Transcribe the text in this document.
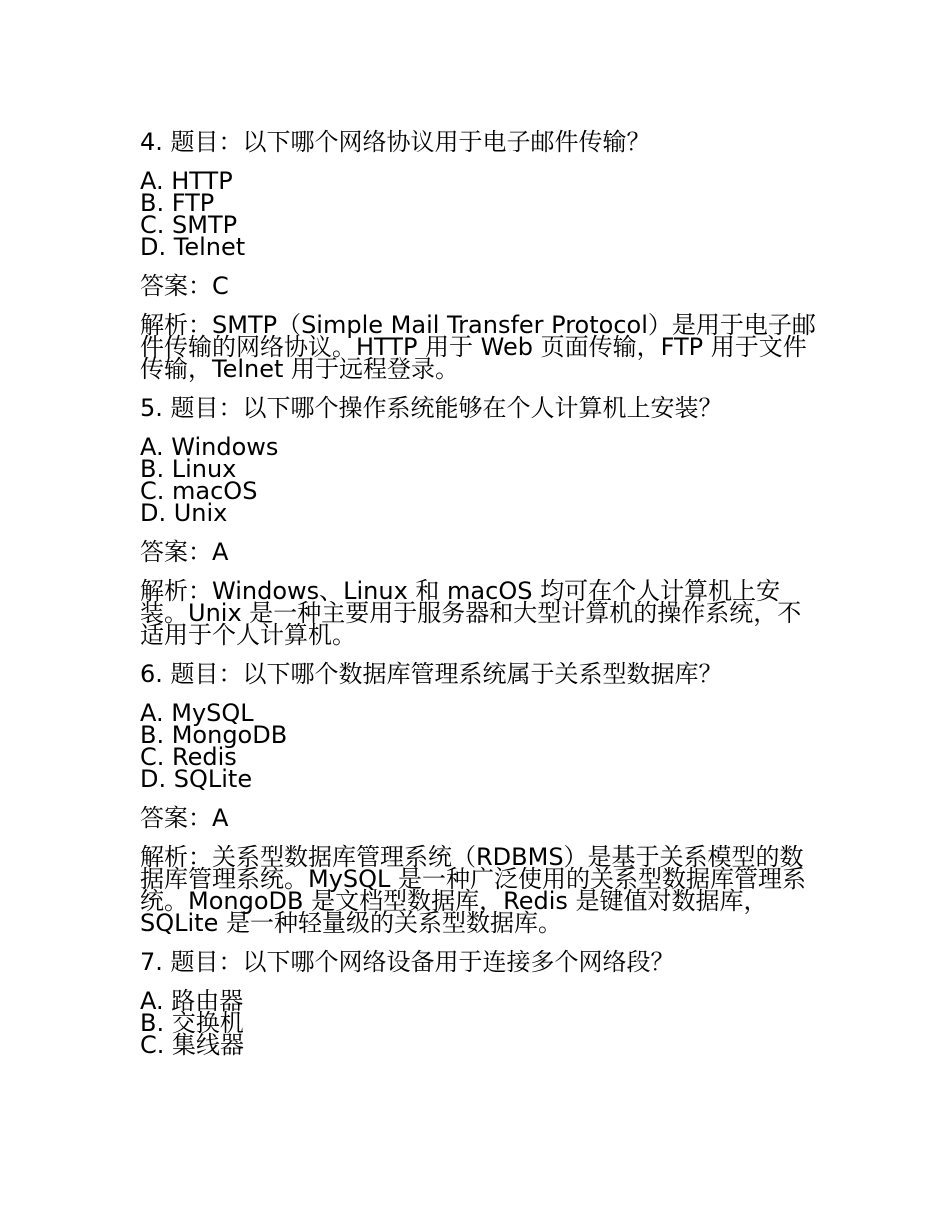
4. 题目：以下哪个网络协议用于电子邮件传输？
A. HTTP
B. FTP
C. SMTP
D. Telnet
答案：C
解析：SMTP（Simple Mail Transfer Protocol）是用于电子邮件传输的网络协议。HTTP 用于 Web 页面传输，FTP 用于文件传输，Telnet 用于远程登录。
5. 题目：以下哪个操作系统能够在个人计算机上安装？
A. Windows
B. Linux
C. macOS
D. Unix
答案：A
解析：Windows、Linux 和 macOS 均可在个人计算机上安装。Unix 是一种主要用于服务器和大型计算机的操作系统，不适用于个人计算机。
6. 题目：以下哪个数据库管理系统属于关系型数据库？
A. MySQL
B. MongoDB
C. Redis
D. SQLite
答案：A
解析：关系型数据库管理系统（RDBMS）是基于关系模型的数据库管理系统。MySQL 是一种广泛使用的关系型数据库管理系统。MongoDB 是文档型数据库，Redis 是键值对数据库，SQLite 是一种轻量级的关系型数据库。
7. 题目：以下哪个网络设备用于连接多个网络段？
A. 路由器
B. 交换机
C. 集线器
